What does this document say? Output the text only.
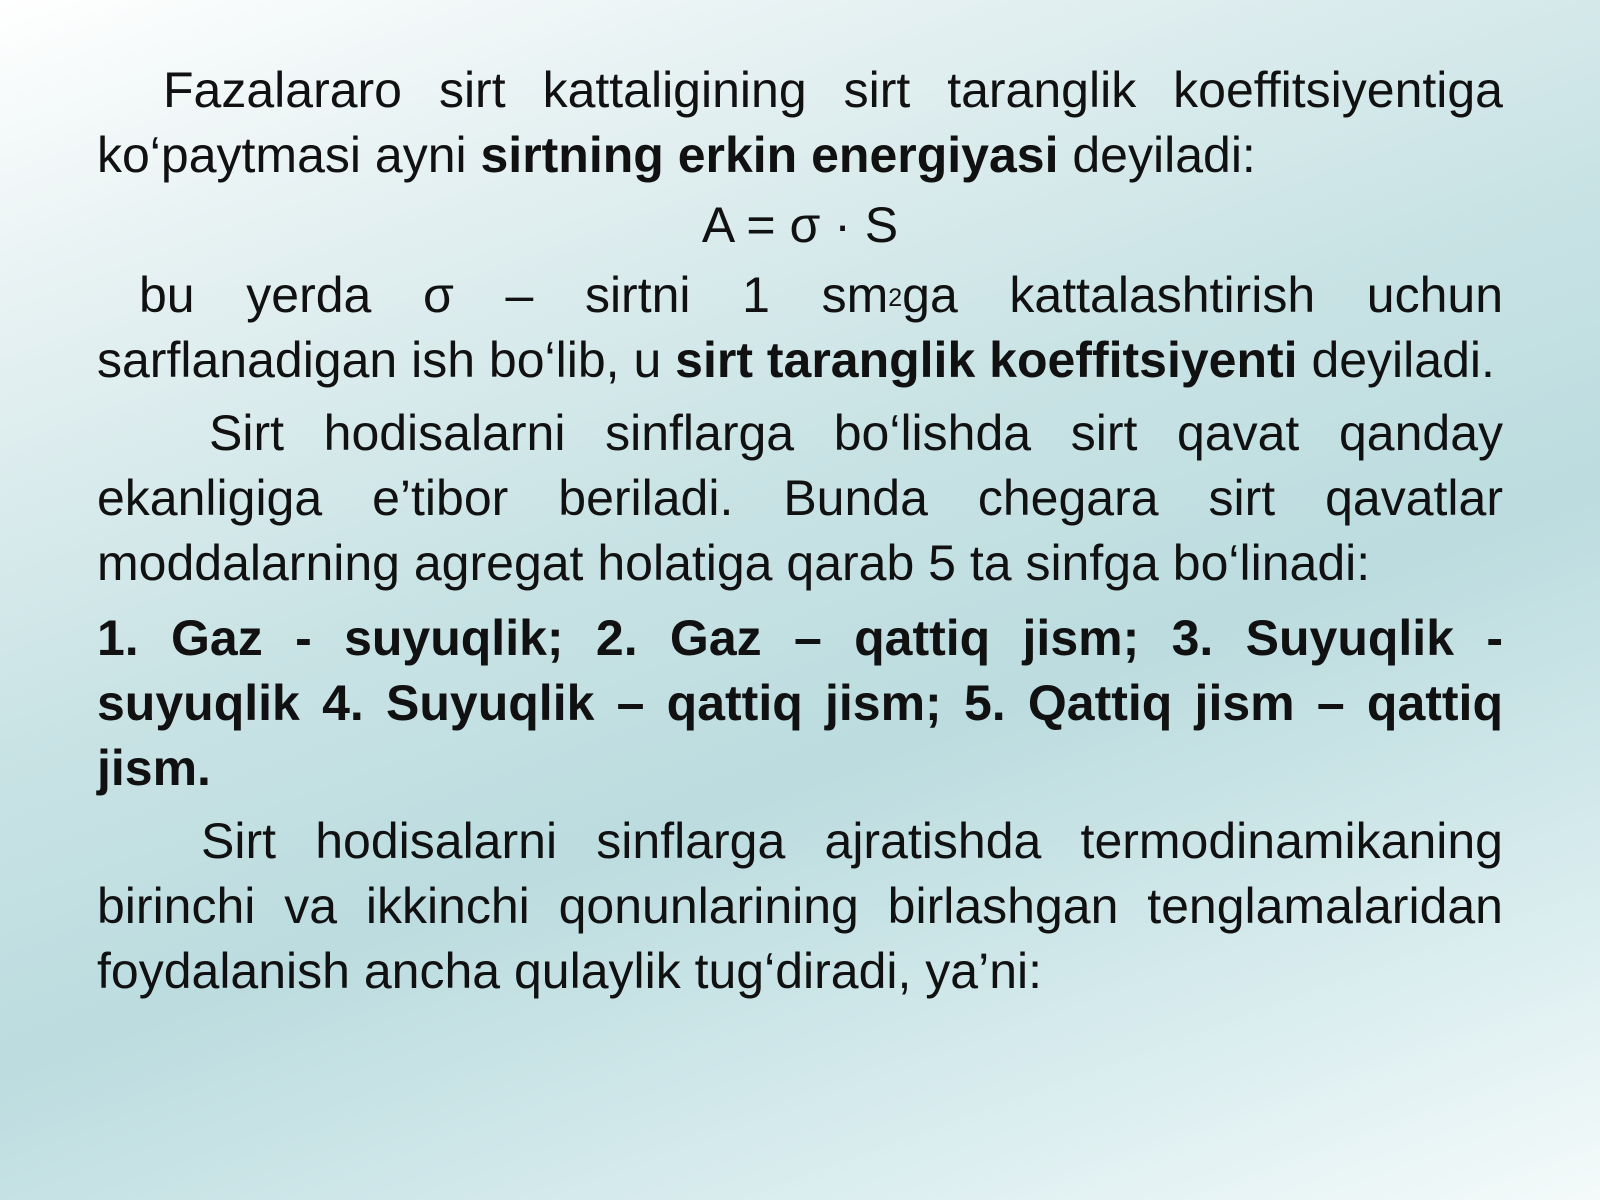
Fazalararo sirt kattaligining sirt taranglik koeffitsiyentiga ko‘paytmasi ayni sirtning erkin energiyasi deyiladi:

A = σ · S

bu yerda σ – sirtni 1 $sm^2ga$ kattalashtirish uchun sarflanadigan ish bo‘lib, u sirt taranglik koeffitsiyenti deyiladi.

Sirt hodisalarni sinflarga bo‘lishda sirt qavat qanday ekanligiga e’tibor beriladi. Bunda chegara sirt qavatlar moddalarning agregat holatiga qarab 5 ta sinfga bo‘linadi:

1. Gaz - suyuqlik; 2. Gaz – qattiq jism; 3. Suyuqlik - suyuqlik 4. Suyuqlik – qattiq jism; 5. Qattiq jism – qattiq jism.

Sirt hodisalarni sinflarga ajratishda termodinamikaning birinchi va ikkinchi qonunlarining birlashgan tenglamalaridan foydalanish ancha qulaylik tug‘diradi, ya’ni:
